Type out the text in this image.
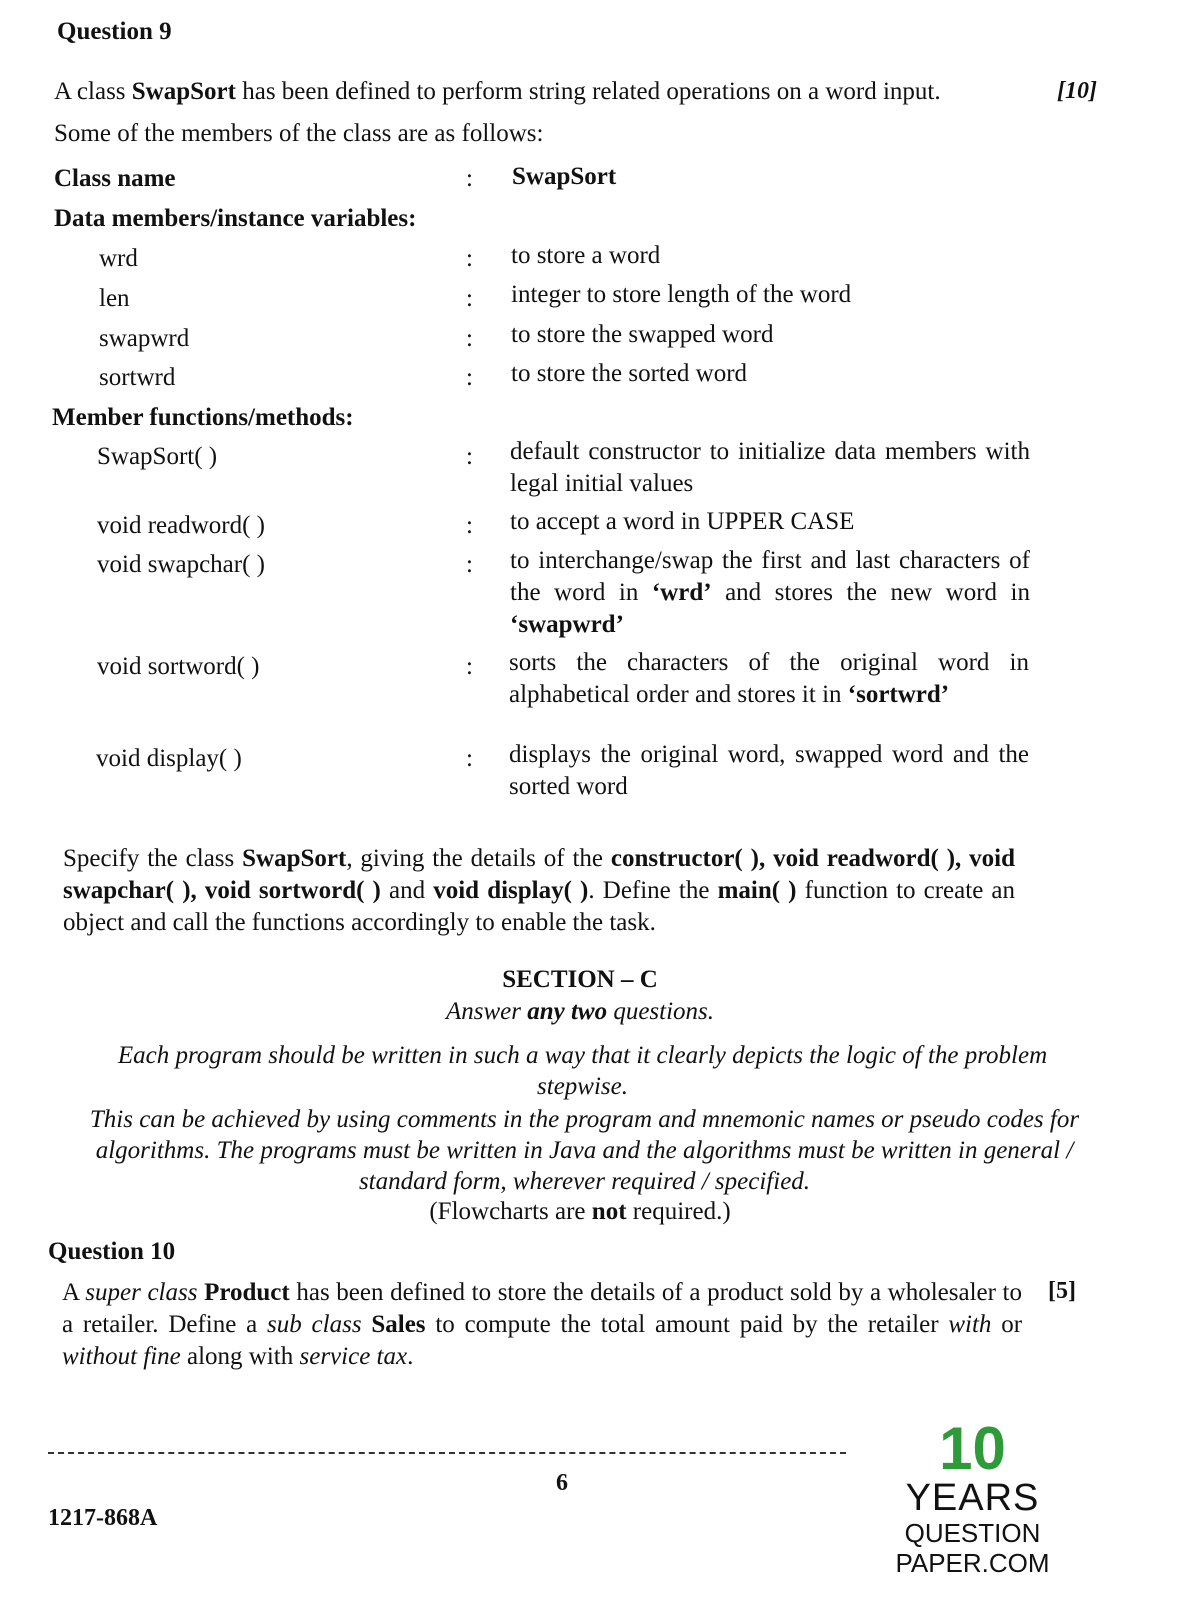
Question 9
A class SwapSort has been defined to perform string related operations on a word input.	[10]
Some of the members of the class are as follows:
Class name	: SwapSort
Data members/instance variables:
wrd	: to store a word
len	: integer to store length of the word
swapwrd	: to store the swapped word
sortwrd	: to store the sorted word
Member functions/methods:
SwapSort( )	: default constructor to initialize data members with legal initial values
void readword( )	: to accept a word in UPPER CASE
void swapchar( )	: to interchange/swap the first and last characters of the word in ‘wrd’ and stores the new word in ‘swapwrd’
void sortword( )	: sorts the characters of the original word in alphabetical order and stores it in ‘sortwrd’
void display( )	: displays the original word, swapped word and the sorted word
Specify the class SwapSort, giving the details of the constructor( ), void readword( ), void swapchar( ), void sortword( ) and void display( ). Define the main( ) function to create an object and call the functions accordingly to enable the task.
SECTION – C
Answer any two questions.
Each program should be written in such a way that it clearly depicts the logic of the problem stepwise.
This can be achieved by using comments in the program and mnemonic names or pseudo codes for algorithms. The programs must be written in Java and the algorithms must be written in general / standard form, wherever required / specified.
(Flowcharts are not required.)
Question 10
A super class Product has been defined to store the details of a product sold by a wholesaler to a retailer. Define a sub class Sales to compute the total amount paid by the retailer with or without fine along with service tax.
[5]
6
1217-868A
10
YEARS
QUESTION PAPER.COM
